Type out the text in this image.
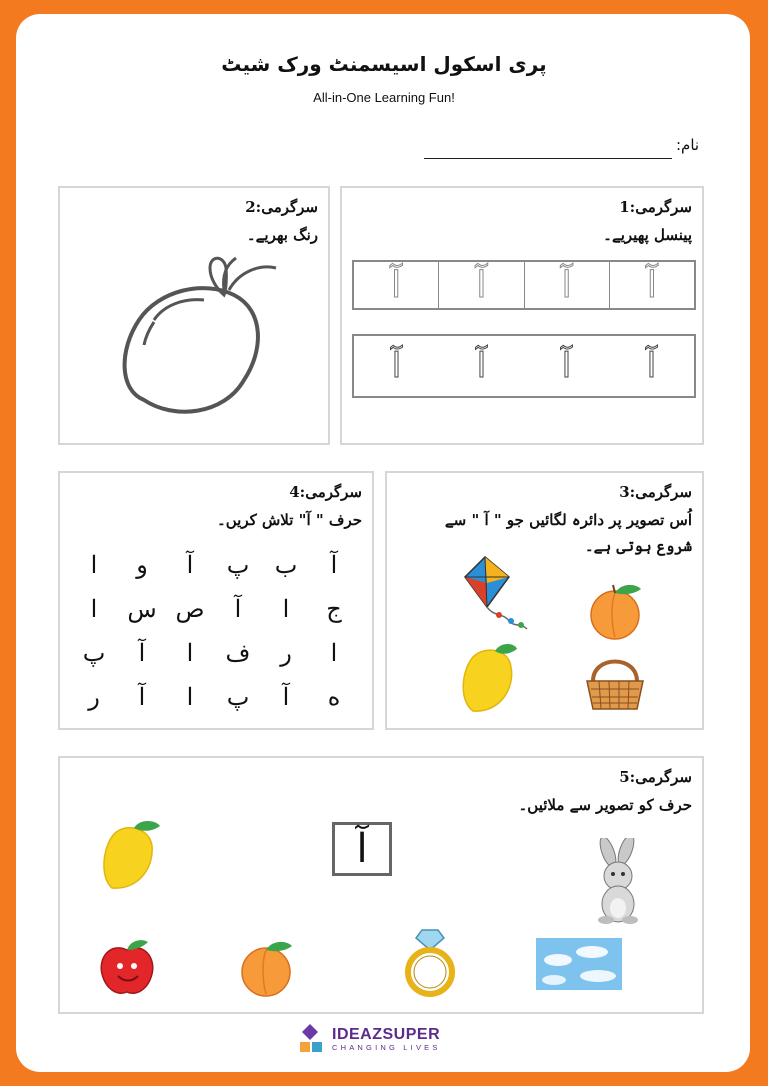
پری اسکول اسیسمنٹ ورک شیٹ
All-in-One Learning Fun!
نام:
سرگرمی:1
پینسل پھیریے۔
آ آ آ آ
آ آ آ آ
سرگرمی:2
رنگ بھریے۔
سرگرمی:3
اُس تصویر پر دائرہ لگائیں جو " آ " سے
شروع ہوتی ہے۔
سرگرمی:4
حرف " آ" تلاش کریں۔
آ
ب
پ
آ
و
ا
ج
ا
آ
ص
س
ا
ا
ر
ف
ا
آ
پ
ه
آ
پ
ا
آ
ر
سرگرمی:5
حرف کو تصویر سے ملائیں۔
آ
IDEAZSUPER
CHANGING LIVES
